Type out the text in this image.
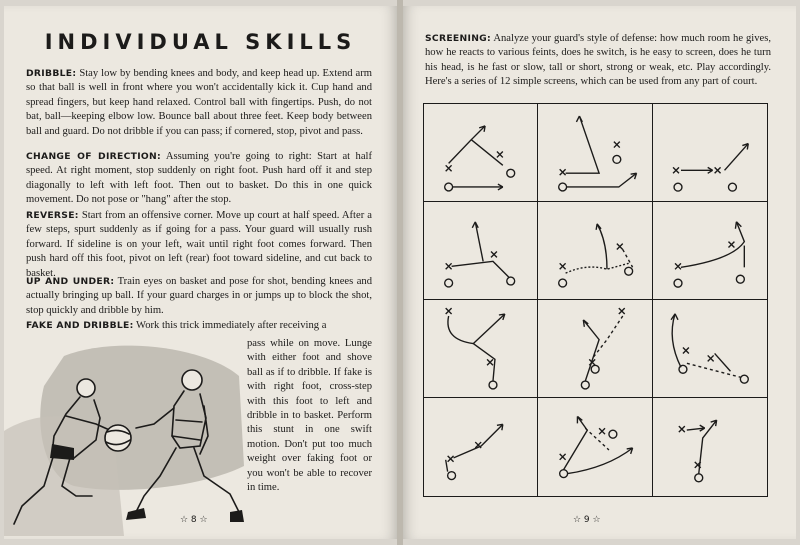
INDIVIDUAL SKILLS

DRIBBLE: Stay low by bending knees and body, and keep head up. Extend arm so that ball is well in front where you won't accidentally kick it. Cup hand and spread fingers, but keep hand relaxed. Control ball with fingertips. Push, do not bat, ball—keeping elbow low. Bounce ball about three feet. Keep body between ball and guard. Do not dribble if you can pass; if cornered, stop, pivot and pass.

CHANGE OF DIRECTION: Assuming you're going to right: Start at half speed. At right moment, stop suddenly on right foot. Push hard off it and step diagonally to left with left foot. Then out to basket. Do this in one quick movement. Do not pose or "hang" after the stop.

REVERSE: Start from an offensive corner. Move up court at half speed. After a few steps, spurt suddenly as if going for a pass. Your guard will usually rush forward. If sideline is on your left, wait until right foot comes forward. Then push hard off this foot, pivot on left (rear) foot toward sideline, and cut back to basket.

UP AND UNDER: Train eyes on basket and pose for shot, bending knees and actually bringing up ball. If your guard charges in or jumps up to block the shot, stop quickly and dribble by him.

FAKE AND DRIBBLE: Work this trick immediately after receiving a

pass while on move. Lunge with either foot and shove ball as if to dribble. If fake is with right foot, cross-step with this foot to left and dribble in to basket. Perform this stunt in one swift motion. Don't put too much weight over faking foot or you won't be able to recover in time.

☆ 8 ☆

SCREENING: Analyze your guard's style of defense: how much room he gives, how he reacts to various feints, does he switch, is he easy to screen, does he turn his head, is he fast or slow, tall or short, strong or weak, etc. Play accordingly. Here's a series of 12 simple screens, which can be used from any part of court.

☆ 9 ☆
